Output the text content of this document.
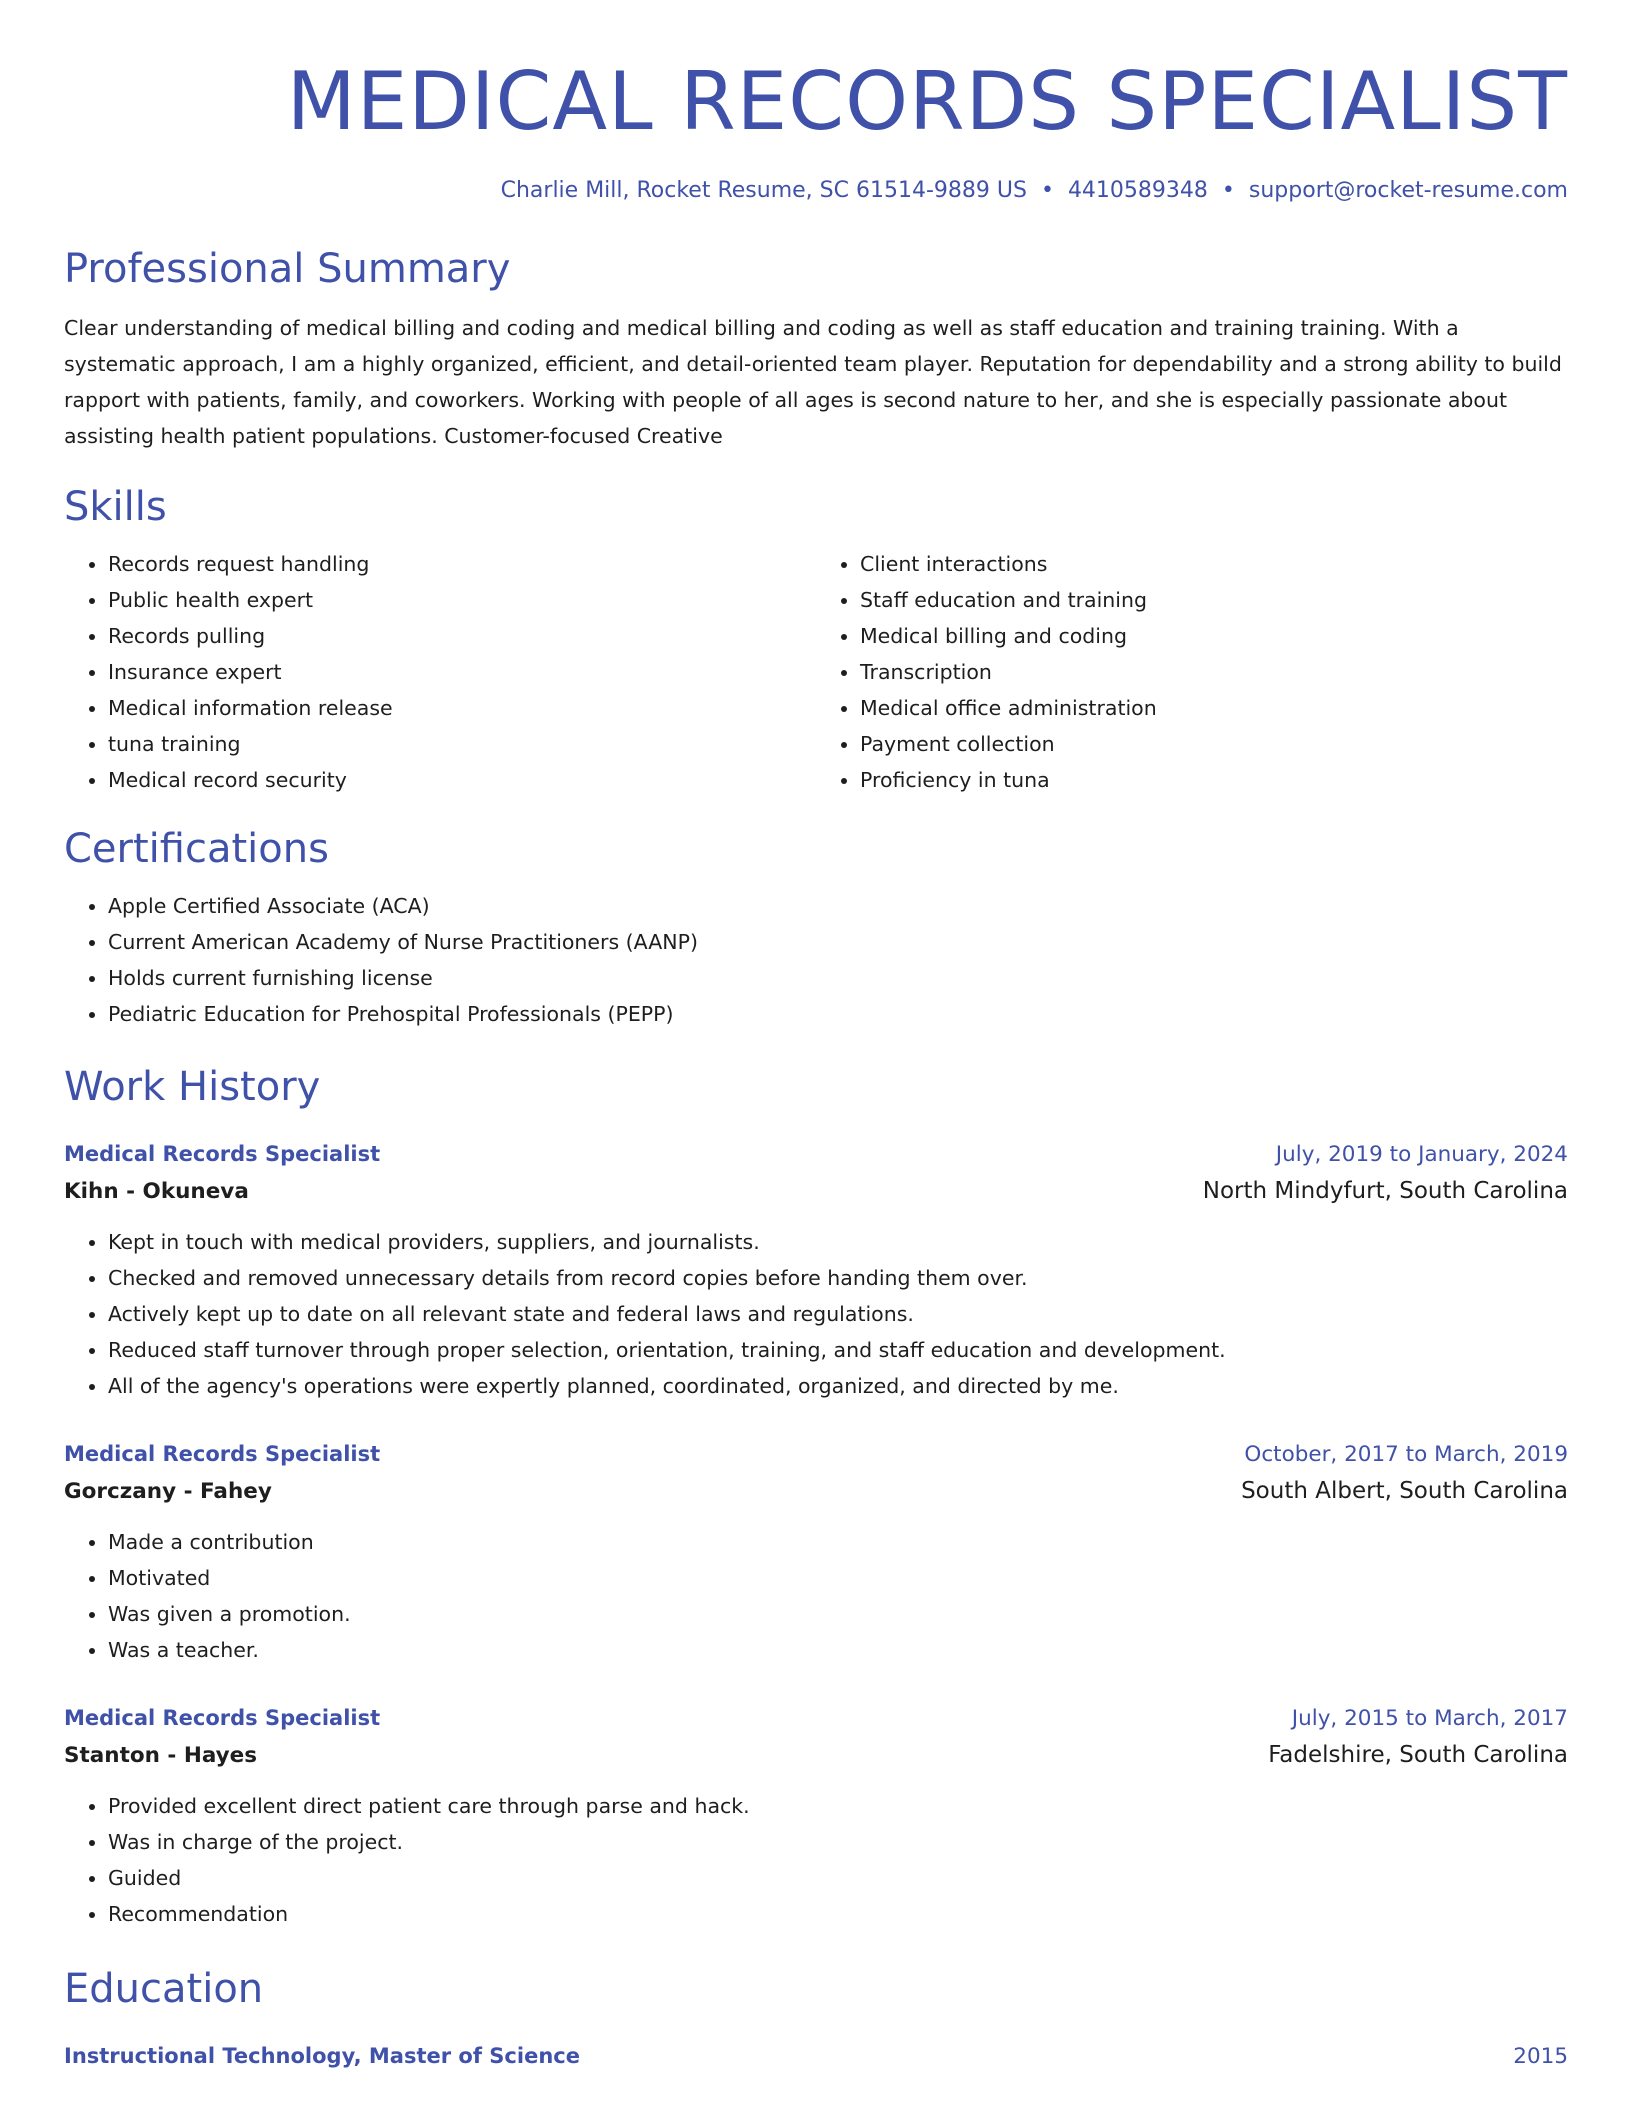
MEDICAL RECORDS SPECIALIST
Charlie Mill, Rocket Resume, SC 61514-9889 US • 4410589348 • support@rocket-resume.com
Professional Summary

Clear understanding of medical billing and coding and medical billing and coding as well as staff education and training training. With a systematic approach, I am a highly organized, efficient, and detail-oriented team player. Reputation for dependability and a strong ability to build rapport with patients, family, and coworkers. Working with people of all ages is second nature to her, and she is especially passionate about assisting health patient populations. Customer-focused Creative

Skills
• Records request handling
• Public health expert
• Records pulling
• Insurance expert
• Medical information release
• tuna training
• Medical record security
• Client interactions
• Staff education and training
• Medical billing and coding
• Transcription
• Medical office administration
• Payment collection
• Proficiency in tuna
Certifications
• Apple Certified Associate (ACA)
• Current American Academy of Nurse Practitioners (AANP)
• Holds current furnishing license
• Pediatric Education for Prehospital Professionals (PEPP)
Work History
Medical Records Specialist	July, 2019 to January, 2024
Kihn - Okuneva	North Mindyfurt, South Carolina
• Kept in touch with medical providers, suppliers, and journalists.
• Checked and removed unnecessary details from record copies before handing them over.
• Actively kept up to date on all relevant state and federal laws and regulations.
• Reduced staff turnover through proper selection, orientation, training, and staff education and development.
• All of the agency's operations were expertly planned, coordinated, organized, and directed by me.
Medical Records Specialist	October, 2017 to March, 2019
Gorczany - Fahey	South Albert, South Carolina
• Made a contribution
• Motivated
• Was given a promotion.
• Was a teacher.
Medical Records Specialist	July, 2015 to March, 2017
Stanton - Hayes	Fadelshire, South Carolina
• Provided excellent direct patient care through parse and hack.
• Was in charge of the project.
• Guided
• Recommendation
Education
Instructional Technology, Master of Science	2015
